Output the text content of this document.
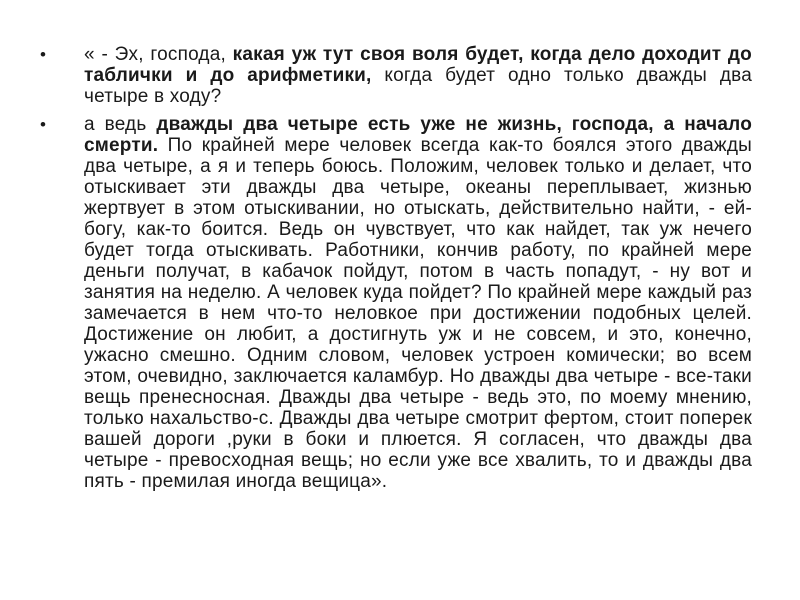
•	« - Эх, господа, какая уж тут своя воля будет, когда дело доходит до таблички и до арифметики, когда будет одно только дважды два четыре в ходу?
•	а ведь дважды два четыре есть уже не жизнь, господа, а начало смерти. По крайней мере человек всегда как-то боялся этого дважды два четыре, а я и теперь боюсь. Положим, человек только и делает, что отыскивает эти дважды два четыре, океаны переплывает, жизнью жертвует в этом отыскивании, но отыскать, действительно найти, - ей-богу, как-то боится. Ведь он чувствует, что как найдет, так уж нечего будет тогда отыскивать. Работники, кончив работу, по крайней мере деньги получат, в кабачок пойдут, потом в часть попадут, - ну вот и занятия на неделю. А человек куда пойдет? По крайней мере каждый раз замечается в нем что-то неловкое при достижении подобных целей. Достижение он любит, а достигнуть уж и не совсем, и это, конечно, ужасно смешно. Одним словом, человек устроен комически; во всем этом, очевидно, заключается каламбур. Но дважды два четыре - все-таки вещь пренесносная. Дважды два четыре - ведь это, по моему мнению, только нахальство-с. Дважды два четыре смотрит фертом, стоит поперек вашей дороги ,руки в боки и плюется. Я согласен, что дважды два четыре - превосходная вещь; но если уже все хвалить, то и дважды два пять - премилая иногда вещица».
